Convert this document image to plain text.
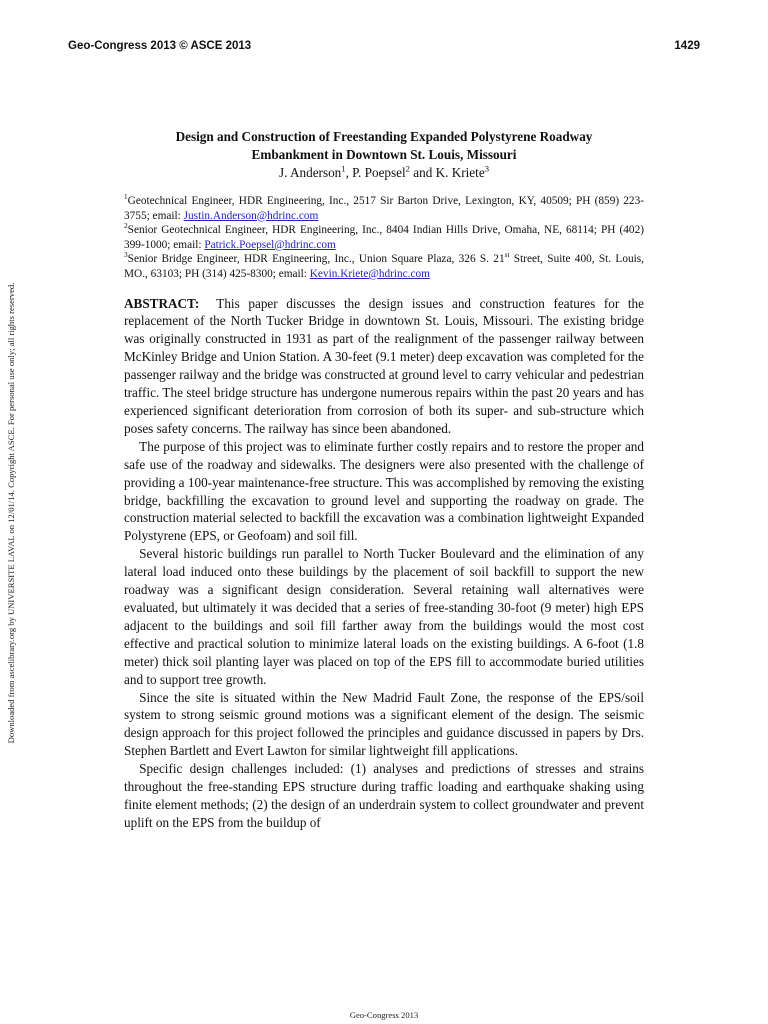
Geo-Congress 2013 © ASCE 2013	1429
Downloaded from ascelibrary.org by UNIVERSITE LAVAL on 12/01/14. Copyright ASCE. For personal use only; all rights reserved.
Design and Construction of Freestanding Expanded Polystyrene Roadway
Embankment in Downtown St. Louis, Missouri
J. Anderson$^1$, P. Poepsel$^2$ and K. Kriete$^3$
$^1$Geotechnical Engineer, HDR Engineering, Inc., 2517 Sir Barton Drive, Lexington, KY, 40509; PH (859) 223-3755; email: Justin.Anderson@hdrinc.com
$^2$Senior Geotechnical Engineer, HDR Engineering, Inc., 8404 Indian Hills Drive, Omaha, NE, 68114; PH (402) 399-1000; email: Patrick.Poepsel@hdrinc.com
$^3$Senior Bridge Engineer, HDR Engineering, Inc., Union Square Plaza, 326 S. 21st Street, Suite 400, St. Louis, MO., 63103; PH (314) 425-8300; email: Kevin.Kriete@hdrinc.com

ABSTRACT: This paper discusses the design issues and construction features for the replacement of the North Tucker Bridge in downtown St. Louis, Missouri. The existing bridge was originally constructed in 1931 as part of the realignment of the passenger railway between McKinley Bridge and Union Station. A 30-feet (9.1 meter) deep excavation was completed for the passenger railway and the bridge was constructed at ground level to carry vehicular and pedestrian traffic. The steel bridge structure has undergone numerous repairs within the past 20 years and has experienced significant deterioration from corrosion of both its super- and sub-structure which poses safety concerns. The railway has since been abandoned.

The purpose of this project was to eliminate further costly repairs and to restore the proper and safe use of the roadway and sidewalks. The designers were also presented with the challenge of providing a 100-year maintenance-free structure. This was accomplished by removing the existing bridge, backfilling the excavation to ground level and supporting the roadway on grade. The construction material selected to backfill the excavation was a combination lightweight Expanded Polystyrene (EPS, or Geofoam) and soil fill.

Several historic buildings run parallel to North Tucker Boulevard and the elimination of any lateral load induced onto these buildings by the placement of soil backfill to support the new roadway was a significant design consideration. Several retaining wall alternatives were evaluated, but ultimately it was decided that a series of free-standing 30-foot (9 meter) high EPS adjacent to the buildings and soil fill farther away from the buildings would the most cost effective and practical solution to minimize lateral loads on the existing buildings. A 6-foot (1.8 meter) thick soil planting layer was placed on top of the EPS fill to accommodate buried utilities and to support tree growth.

Since the site is situated within the New Madrid Fault Zone, the response of the EPS/soil system to strong seismic ground motions was a significant element of the design. The seismic design approach for this project followed the principles and guidance discussed in papers by Drs. Stephen Bartlett and Evert Lawton for similar lightweight fill applications.

Specific design challenges included: (1) analyses and predictions of stresses and strains throughout the free-standing EPS structure during traffic loading and earthquake shaking using finite element methods; (2) the design of an underdrain system to collect groundwater and prevent uplift on the EPS from the buildup of

Geo-Congress 2013
